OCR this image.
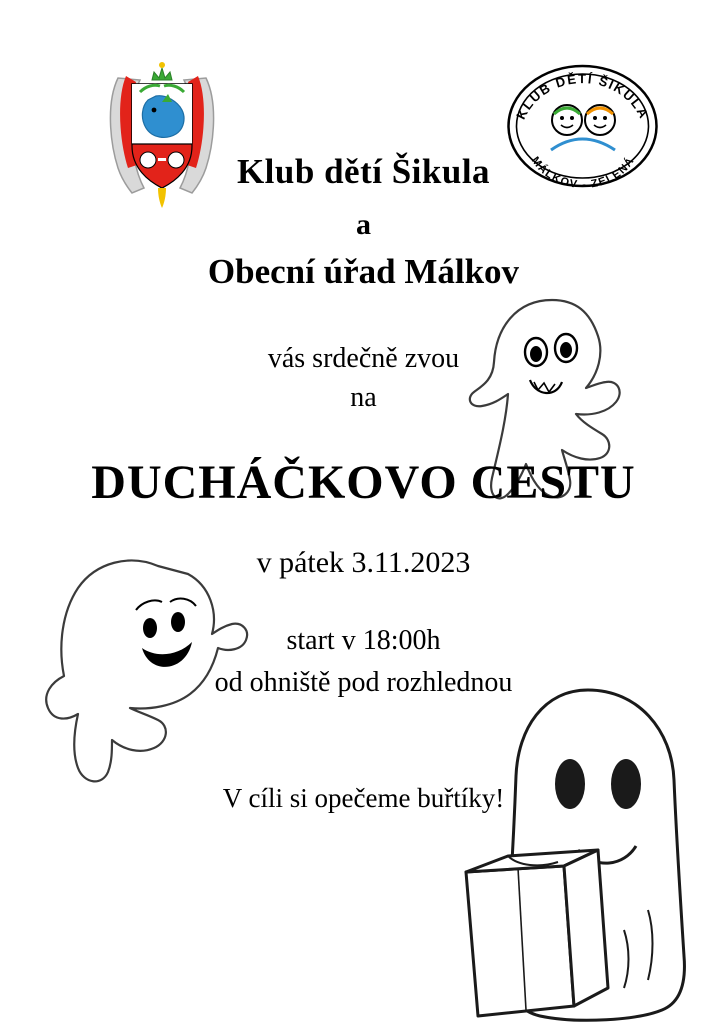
KLUB DĚTÍ ŠIKULA
MÁLKOV - ZELENÁ
Klub dětí Šikula
a
Obecní úřad Málkov
vás srdečně zvou
na
DUCHÁČKOVO CESTU
v pátek 3.11.2023
start v 18:00h
od ohniště pod rozhlednou
V cíli si opečeme buřtíky!
